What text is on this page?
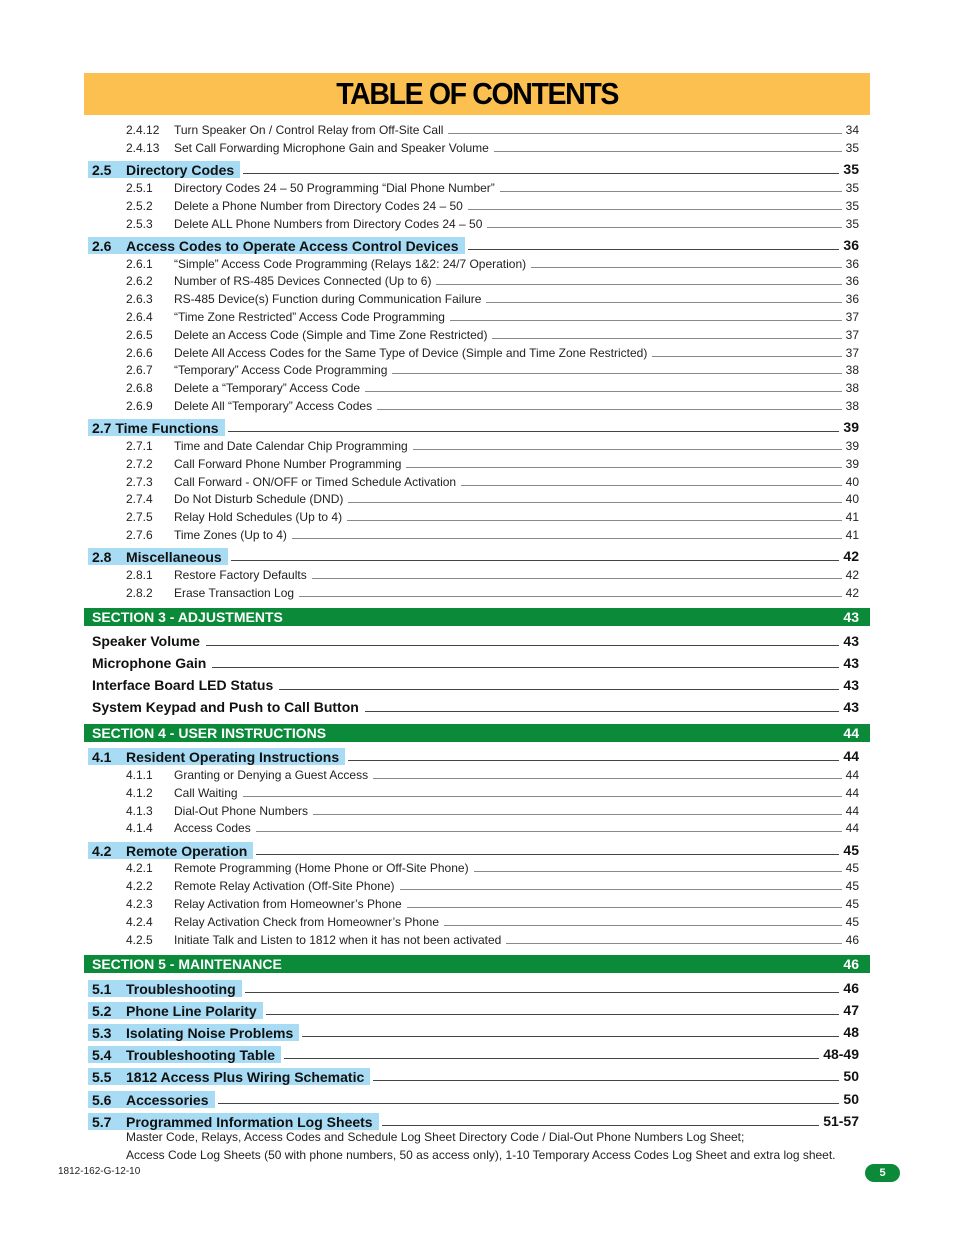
TABLE OF CONTENTS
2.4.12 Turn Speaker On / Control Relay from Off-Site Call	34
2.4.13 Set Call Forwarding Microphone Gain and Speaker Volume	35
2.5	Directory Codes	35
2.5.1 Directory Codes 24 – 50 Programming “Dial Phone Number”	35
2.5.2 Delete a Phone Number from Directory Codes 24 – 50	35
2.5.3 Delete ALL Phone Numbers from Directory Codes 24 – 50	35
2.6	Access Codes to Operate Access Control Devices	36
2.6.1 “Simple” Access Code Programming (Relays 1&2: 24/7 Operation)	36
2.6.2 Number of RS-485 Devices Connected (Up to 6)	36
2.6.3 RS-485 Device(s) Function during Communication Failure	36
2.6.4 “Time Zone Restricted” Access Code Programming	37
2.6.5 Delete an Access Code (Simple and Time Zone Restricted)	37
2.6.6 Delete All Access Codes for the Same Type of Device (Simple and Time Zone Restricted)	37
2.6.7 “Temporary” Access Code Programming	38
2.6.8 Delete a “Temporary” Access Code	38
2.6.9 Delete All “Temporary” Access Codes	38
2.7 Time Functions	39
2.7.1 Time and Date Calendar Chip Programming	39
2.7.2 Call Forward Phone Number Programming	39
2.7.3 Call Forward - ON/OFF or Timed Schedule Activation	40
2.7.4 Do Not Disturb Schedule (DND)	40
2.7.5 Relay Hold Schedules (Up to 4)	41
2.7.6 Time Zones (Up to 4)	41
2.8	Miscellaneous	42
2.8.1 Restore Factory Defaults	42
2.8.2 Erase Transaction Log	42
SECTION 3 - ADJUSTMENTS	43
Speaker Volume	43
Microphone Gain	43
Interface Board LED Status	43
System Keypad and Push to Call Button	43
SECTION 4 - USER INSTRUCTIONS	44
4.1	Resident Operating Instructions	44
4.1.1 Granting or Denying a Guest Access	44
4.1.2 Call Waiting	44
4.1.3 Dial-Out Phone Numbers	44
4.1.4 Access Codes	44
4.2	Remote Operation	45
4.2.1 Remote Programming (Home Phone or Off-Site Phone)	45
4.2.2 Remote Relay Activation (Off-Site Phone)	45
4.2.3 Relay Activation from Homeowner’s Phone	45
4.2.4 Relay Activation Check from Homeowner’s Phone	45
4.2.5 Initiate Talk and Listen to 1812 when it has not been activated	46
SECTION 5 - MAINTENANCE	46
5.1	Troubleshooting	46
5.2	Phone Line Polarity	47
5.3	Isolating Noise Problems	48
5.4	Troubleshooting Table	48-49
5.5	1812 Access Plus Wiring Schematic	50
5.6	Accessories	50
5.7	Programmed Information Log Sheets	51-57
Master Code, Relays, Access Codes and Schedule Log Sheet Directory Code / Dial-Out Phone Numbers Log Sheet;
Access Code Log Sheets (50 with phone numbers, 50 as access only), 1-10 Temporary Access Codes Log Sheet and extra log sheet.
1812-162-G-12-10	5
